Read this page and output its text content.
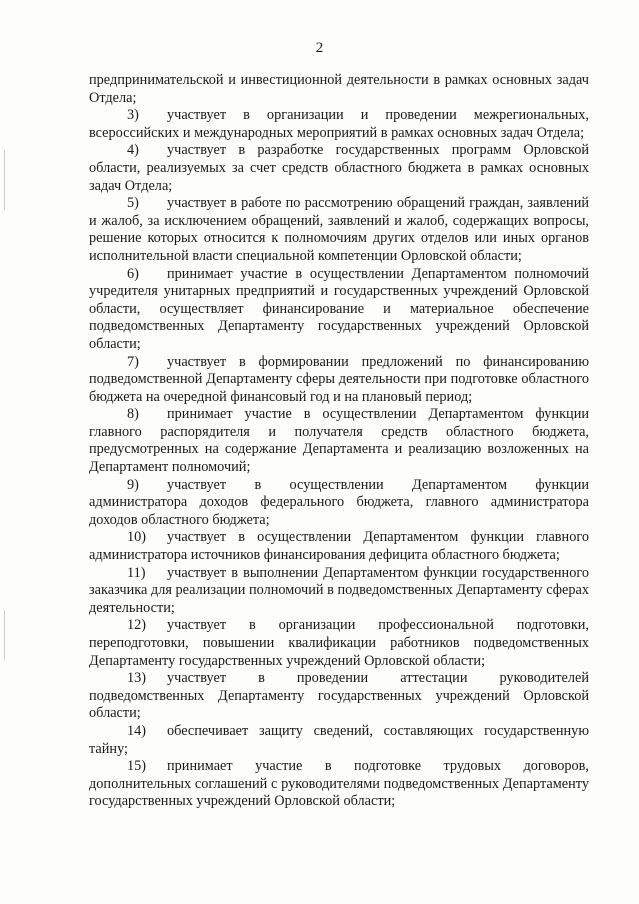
2
предпринимательской и инвестиционной деятельности в рамках основных задач Отдела;
3) участвует в организации и проведении межрегиональных, всероссийских и международных мероприятий в рамках основных задач Отдела;
4) участвует в разработке государственных программ Орловской области, реализуемых за счет средств областного бюджета в рамках основных задач Отдела;
5) участвует в работе по рассмотрению обращений граждан, заявлений и жалоб, за исключением обращений, заявлений и жалоб, содержащих вопросы, решение которых относится к полномочиям других отделов или иных органов исполнительной власти специальной компетенции Орловской области;
6) принимает участие в осуществлении Департаментом полномочий учредителя унитарных предприятий и государственных учреждений Орловской области, осуществляет финансирование и материальное обеспечение подведомственных Департаменту государственных учреждений Орловской области;
7) участвует в формировании предложений по финансированию подведомственной Департаменту сферы деятельности при подготовке областного бюджета на очередной финансовый год и на плановый период;
8) принимает участие в осуществлении Департаментом функции главного распорядителя и получателя средств областного бюджета, предусмотренных на содержание Департамента и реализацию возложенных на Департамент полномочий;
9) участвует в осуществлении Департаментом функции администратора доходов федерального бюджета, главного администратора доходов областного бюджета;
10) участвует в осуществлении Департаментом функции главного администратора источников финансирования дефицита областного бюджета;
11) участвует в выполнении Департаментом функции государственного заказчика для реализации полномочий в подведомственных Департаменту сферах деятельности;
12) участвует в организации профессиональной подготовки, переподготовки, повышении квалификации работников подведомственных Департаменту государственных учреждений Орловской области;
13) участвует в проведении аттестации руководителей подведомственных Департаменту государственных учреждений Орловской области;
14) обеспечивает защиту сведений, составляющих государственную тайну;
15) принимает участие в подготовке трудовых договоров, дополнительных соглашений с руководителями подведомственных Департаменту государственных учреждений Орловской области;
